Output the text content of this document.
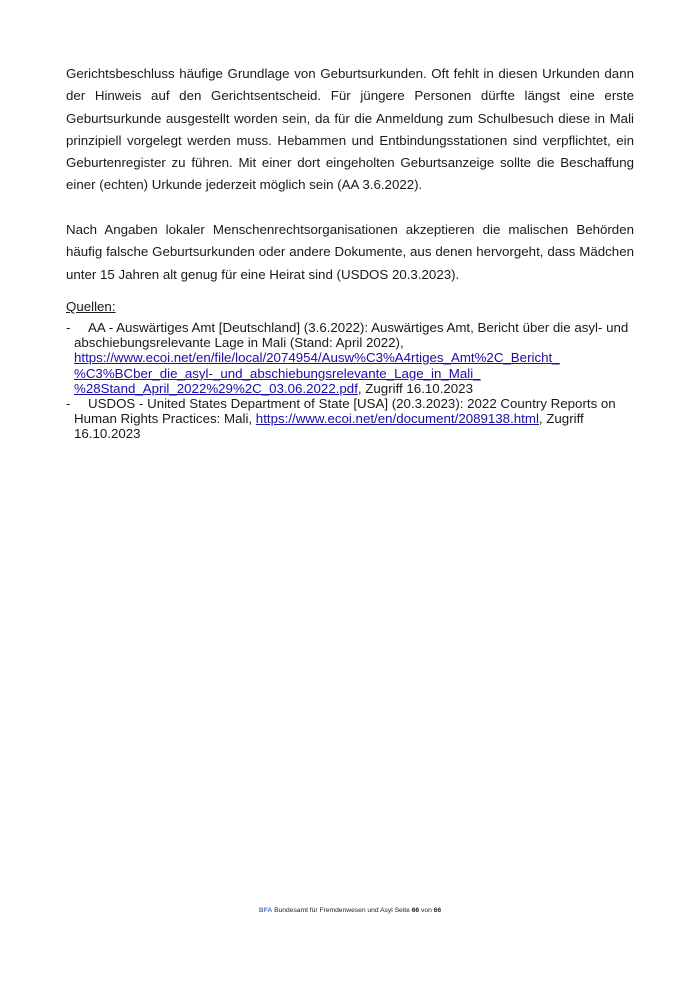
Gerichtsbeschluss häufige Grundlage von Geburtsurkunden. Oft fehlt in diesen Urkunden dann der Hinweis auf den Gerichtsentscheid. Für jüngere Personen dürfte längst eine erste Geburtsurkunde ausgestellt worden sein, da für die Anmeldung zum Schulbesuch diese in Mali prinzipiell vorgelegt werden muss. Hebammen und Entbindungsstationen sind verpflichtet, ein Geburtenregister zu führen. Mit einer dort eingeholten Geburtsanzeige sollte die Beschaffung einer (echten) Urkunde jederzeit möglich sein (AA 3.6.2022).

Nach Angaben lokaler Menschenrechtsorganisationen akzeptieren die malischen Behörden häufig falsche Geburtsurkunden oder andere Dokumente, aus denen hervorgeht, dass Mädchen unter 15 Jahren alt genug für eine Heirat sind (USDOS 20.3.2023).

Quellen:

- AA - Auswärtiges Amt [Deutschland] (3.6.2022): Auswärtiges Amt, Bericht über die asyl- und abschiebungsrelevante Lage in Mali (Stand: April 2022),
https://www.ecoi.net/en/file/local/2074954/Ausw%C3%A4rtiges_Amt%2C_Bericht_
%C3%BCber_die_asyl-_und_abschiebungsrelevante_Lage_in_Mali_
%28Stand_April_2022%29%2C_03.06.2022.pdf, Zugriff 16.10.2023
- USDOS - United States Department of State [USA] (20.3.2023): 2022 Country Reports on Human Rights Practices: Mali, https://www.ecoi.net/en/document/2089138.html, Zugriff 16.10.2023
BFA Bundesamt für Fremdenwesen und Asyl Seite 66 von 66
